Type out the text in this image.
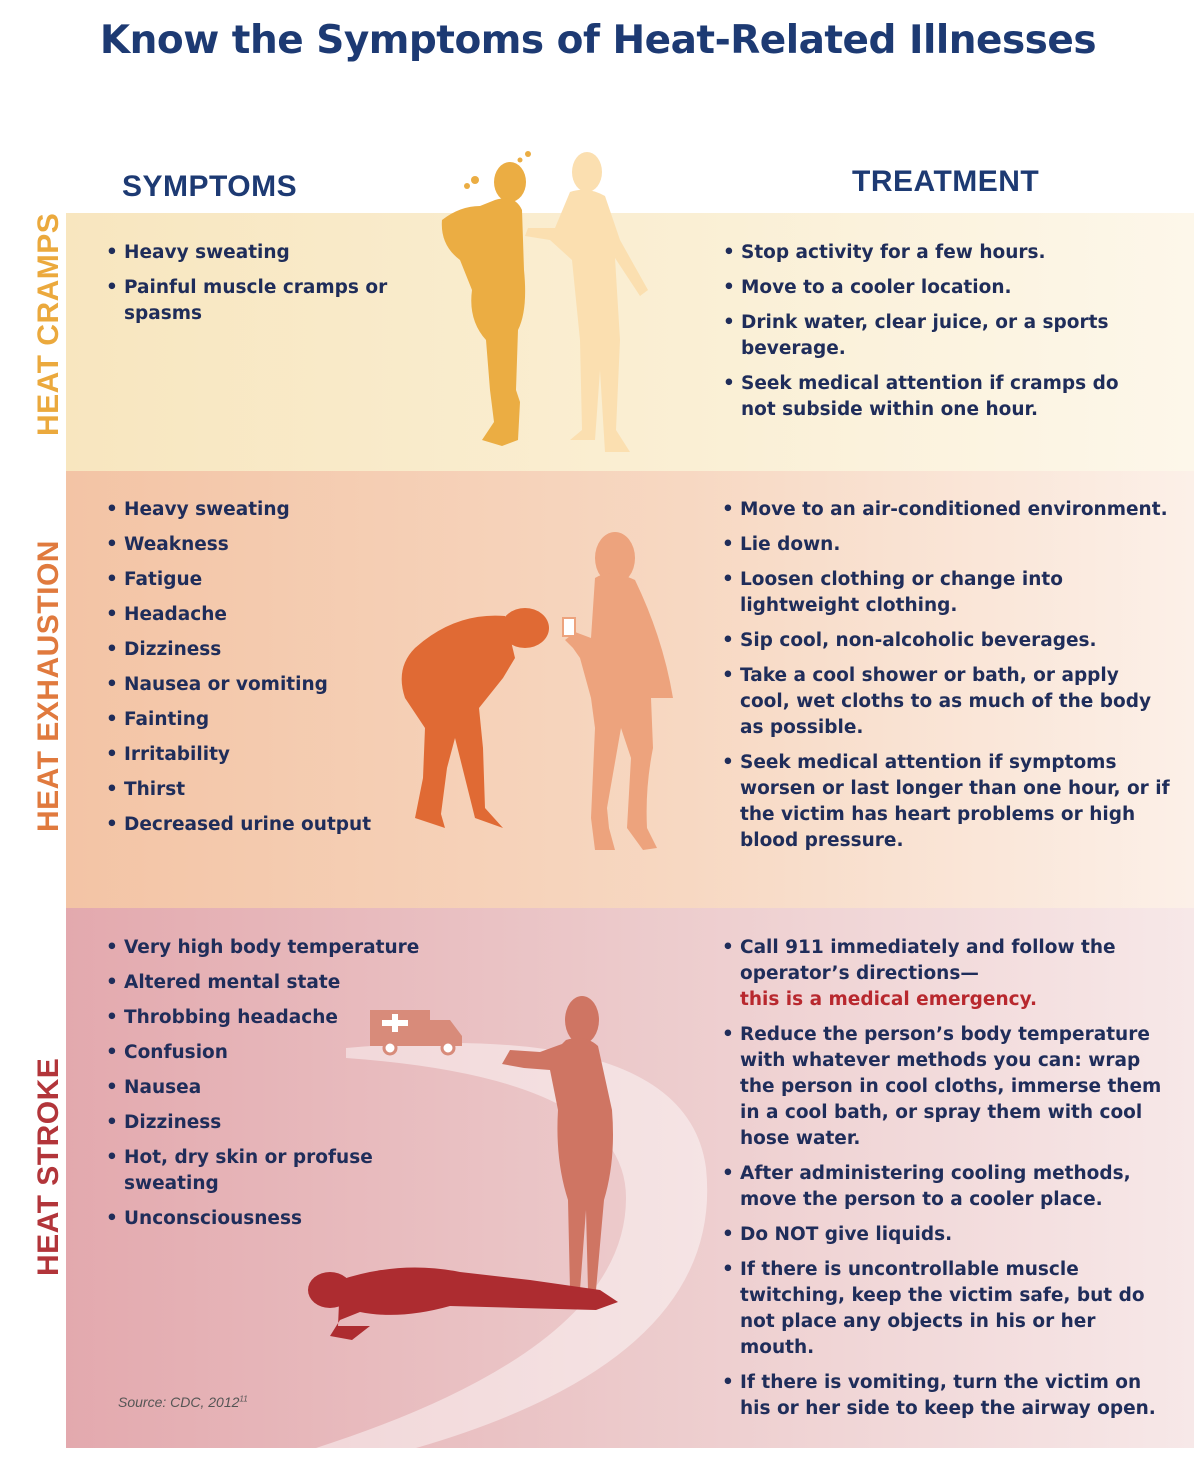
Know the Symptoms of Heat-Related Illnesses
SYMPTOMS	TREATMENT
HEAT CRAMPS
HEAT EXHAUSTION
HEAT STROKE
• Heavy sweating
• Painful muscle cramps or spasms
• Stop activity for a few hours.
• Move to a cooler location.
• Drink water, clear juice, or a sports beverage.
• Seek medical attention if cramps do not subside within one hour.
• Heavy sweating
• Weakness
• Fatigue
• Headache
• Dizziness
• Nausea or vomiting
• Fainting
• Irritability
• Thirst
• Decreased urine output
• Move to an air-conditioned environment.
• Lie down.
• Loosen clothing or change into lightweight clothing.
• Sip cool, non-alcoholic beverages.
• Take a cool shower or bath, or apply cool, wet cloths to as much of the body as possible.
• Seek medical attention if symptoms worsen or last longer than one hour, or if the victim has heart problems or high blood pressure.
• Very high body temperature
• Altered mental state
• Throbbing headache
• Confusion
• Nausea
• Dizziness
• Hot, dry skin or profuse sweating
• Unconsciousness
• Call 911 immediately and follow the operator’s directions—
this is a medical emergency.
• Reduce the person’s body temperature with whatever methods you can: wrap the person in cool cloths, immerse them in a cool bath, or spray them with cool hose water.
• After administering cooling methods, move the person to a cooler place.
• Do NOT give liquids.
• If there is uncontrollable muscle twitching, keep the victim safe, but do not place any objects in his or her mouth.
• If there is vomiting, turn the victim on his or her side to keep the airway open.
Source: CDC, 2012$^{11}$
